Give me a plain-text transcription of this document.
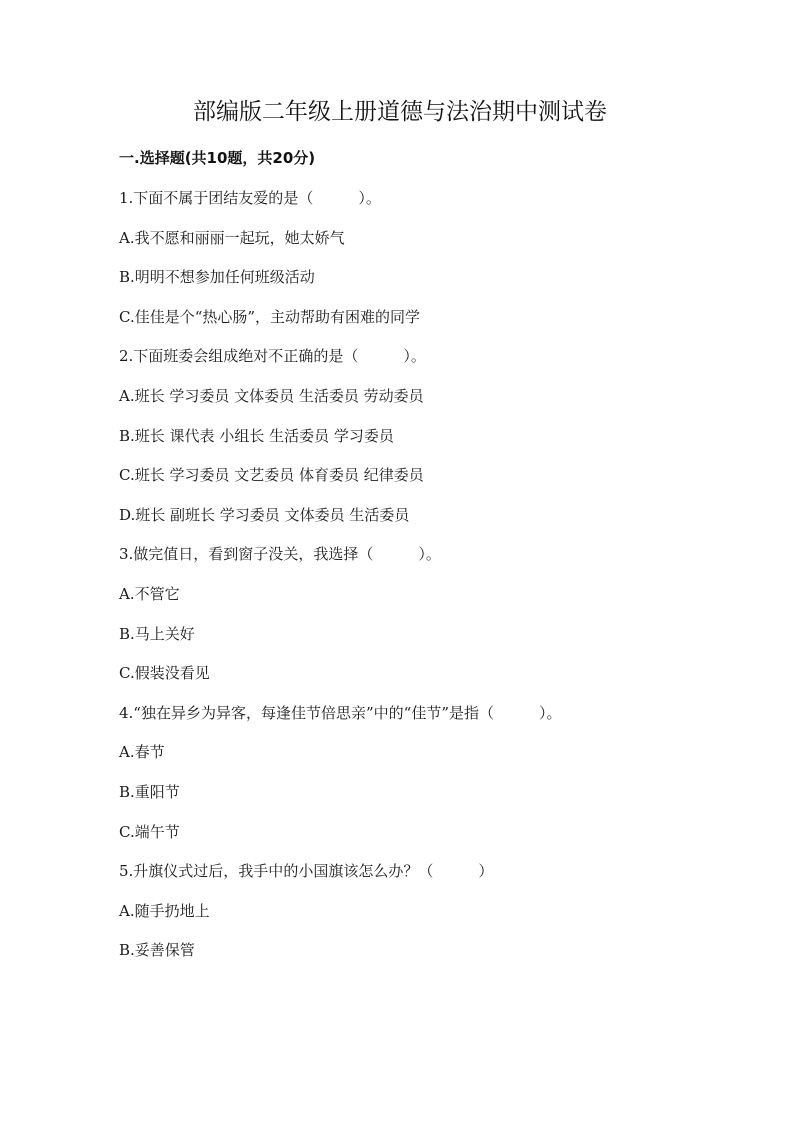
部编版二年级上册道德与法治期中测试卷
一.选择题(共10题，共20分)
1.下面不属于团结友爱的是（　　　）。
A.我不愿和丽丽一起玩，她太娇气
B.明明不想参加任何班级活动
C.佳佳是个“热心肠”，主动帮助有困难的同学
2.下面班委会组成绝对不正确的是（　　　）。
A.班长 学习委员 文体委员 生活委员 劳动委员
B.班长 课代表 小组长 生活委员 学习委员
C.班长 学习委员 文艺委员 体育委员 纪律委员
D.班长 副班长 学习委员 文体委员 生活委员
3.做完值日，看到窗子没关，我选择（　　　）。
A.不管它
B.马上关好
C.假装没看见
4.“独在异乡为异客，每逢佳节倍思亲”中的“佳节”是指（　　　）。
A.春节
B.重阳节
C.端午节
5.升旗仪式过后，我手中的小国旗该怎么办？（　　　）
A.随手扔地上
B.妥善保管
